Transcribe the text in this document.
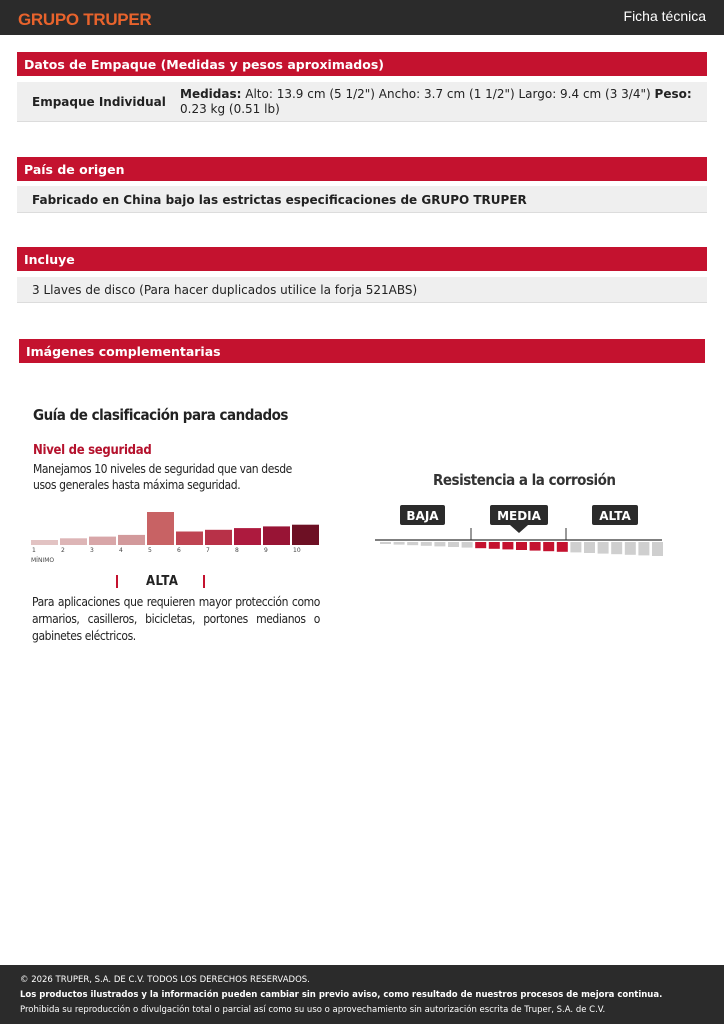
GRUPO TRUPER	Ficha técnica
Datos de Empaque (Medidas y pesos aproximados)
Empaque Individual
Medidas: Alto: 13.9 cm (5 1/2") Ancho: 3.7 cm (1 1/2") Largo: 9.4 cm (3 3/4") Peso: 0.23 kg (0.51 lb)
País de origen
Fabricado en China bajo las estrictas especificaciones de GRUPO TRUPER
Incluye
3 Llaves de disco (Para hacer duplicados utilice la forja 521ABS)
Imágenes complementarias
Guía de clasificación para candados
Nivel de seguridad
Manejamos 10 niveles de seguridad que van desde usos generales hasta máxima seguridad.
1	2	3	4	5	6	7	8	9	10
MÍNIMO
ALTA
Para aplicaciones que requieren mayor protección como armarios, casilleros, bicicletas, portones medianos o gabinetes eléctricos.
Resistencia a la corrosión
BAJA	MEDIA	ALTA
© 2026 TRUPER, S.A. DE C.V. TODOS LOS DERECHOS RESERVADOS.
Los productos ilustrados y la información pueden cambiar sin previo aviso, como resultado de nuestros procesos de mejora continua.
Prohibida su reproducción o divulgación total o parcial así como su uso o aprovechamiento sin autorización escrita de Truper, S.A. de C.V.
